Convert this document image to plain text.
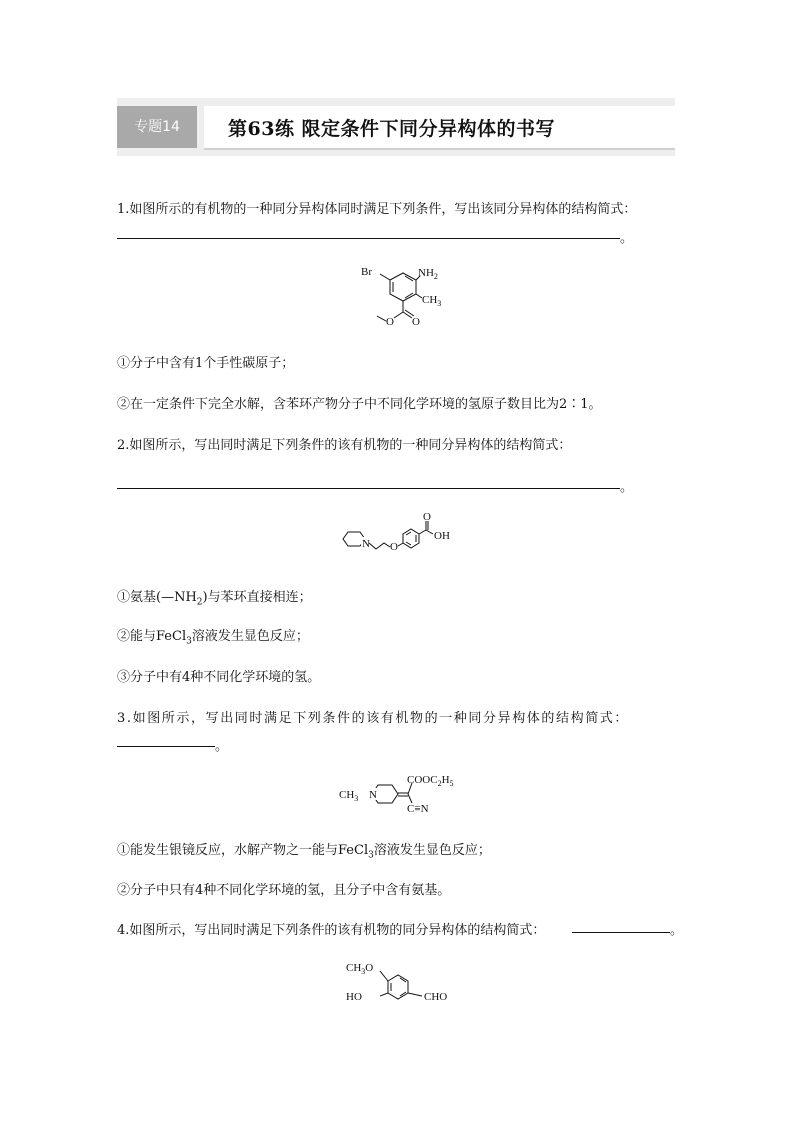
专题14	第63练 限定条件下同分异构体的书写
1.如图所示的有机物的一种同分异构体同时满足下列条件，写出该同分异构体的结构简式：
。
Br	$NH_2$
$CH_3$
O
O
①分子中含有1个手性碳原子；
②在一定条件下完全水解，含苯环产物分子中不同化学环境的氢原子数目比为2∶1。
2.如图所示，写出同时满足下列条件的该有机物的一种同分异构体的结构简式：
。
N O
O
OH
①氨基$(—NH_2)$与苯环直接相连；
②能与FeCl$_3$溶液发生显色反应；
③分子中有4种不同化学环境的氢。
3.如图所示，写出同时满足下列条件的该有机物的一种同分异构体的结构简式：
。
$CH_3$ N
$COOC_2H_5$
C≡N
①能发生银镜反应，水解产物之一能与FeCl$_3$溶液发生显色反应；
②分子中只有4种不同化学环境的氢，且分子中含有氨基。
4.如图所示，写出同时满足下列条件的该有机物的同分异构体的结构简式：	。
$CH_3O$
HO	CHO
